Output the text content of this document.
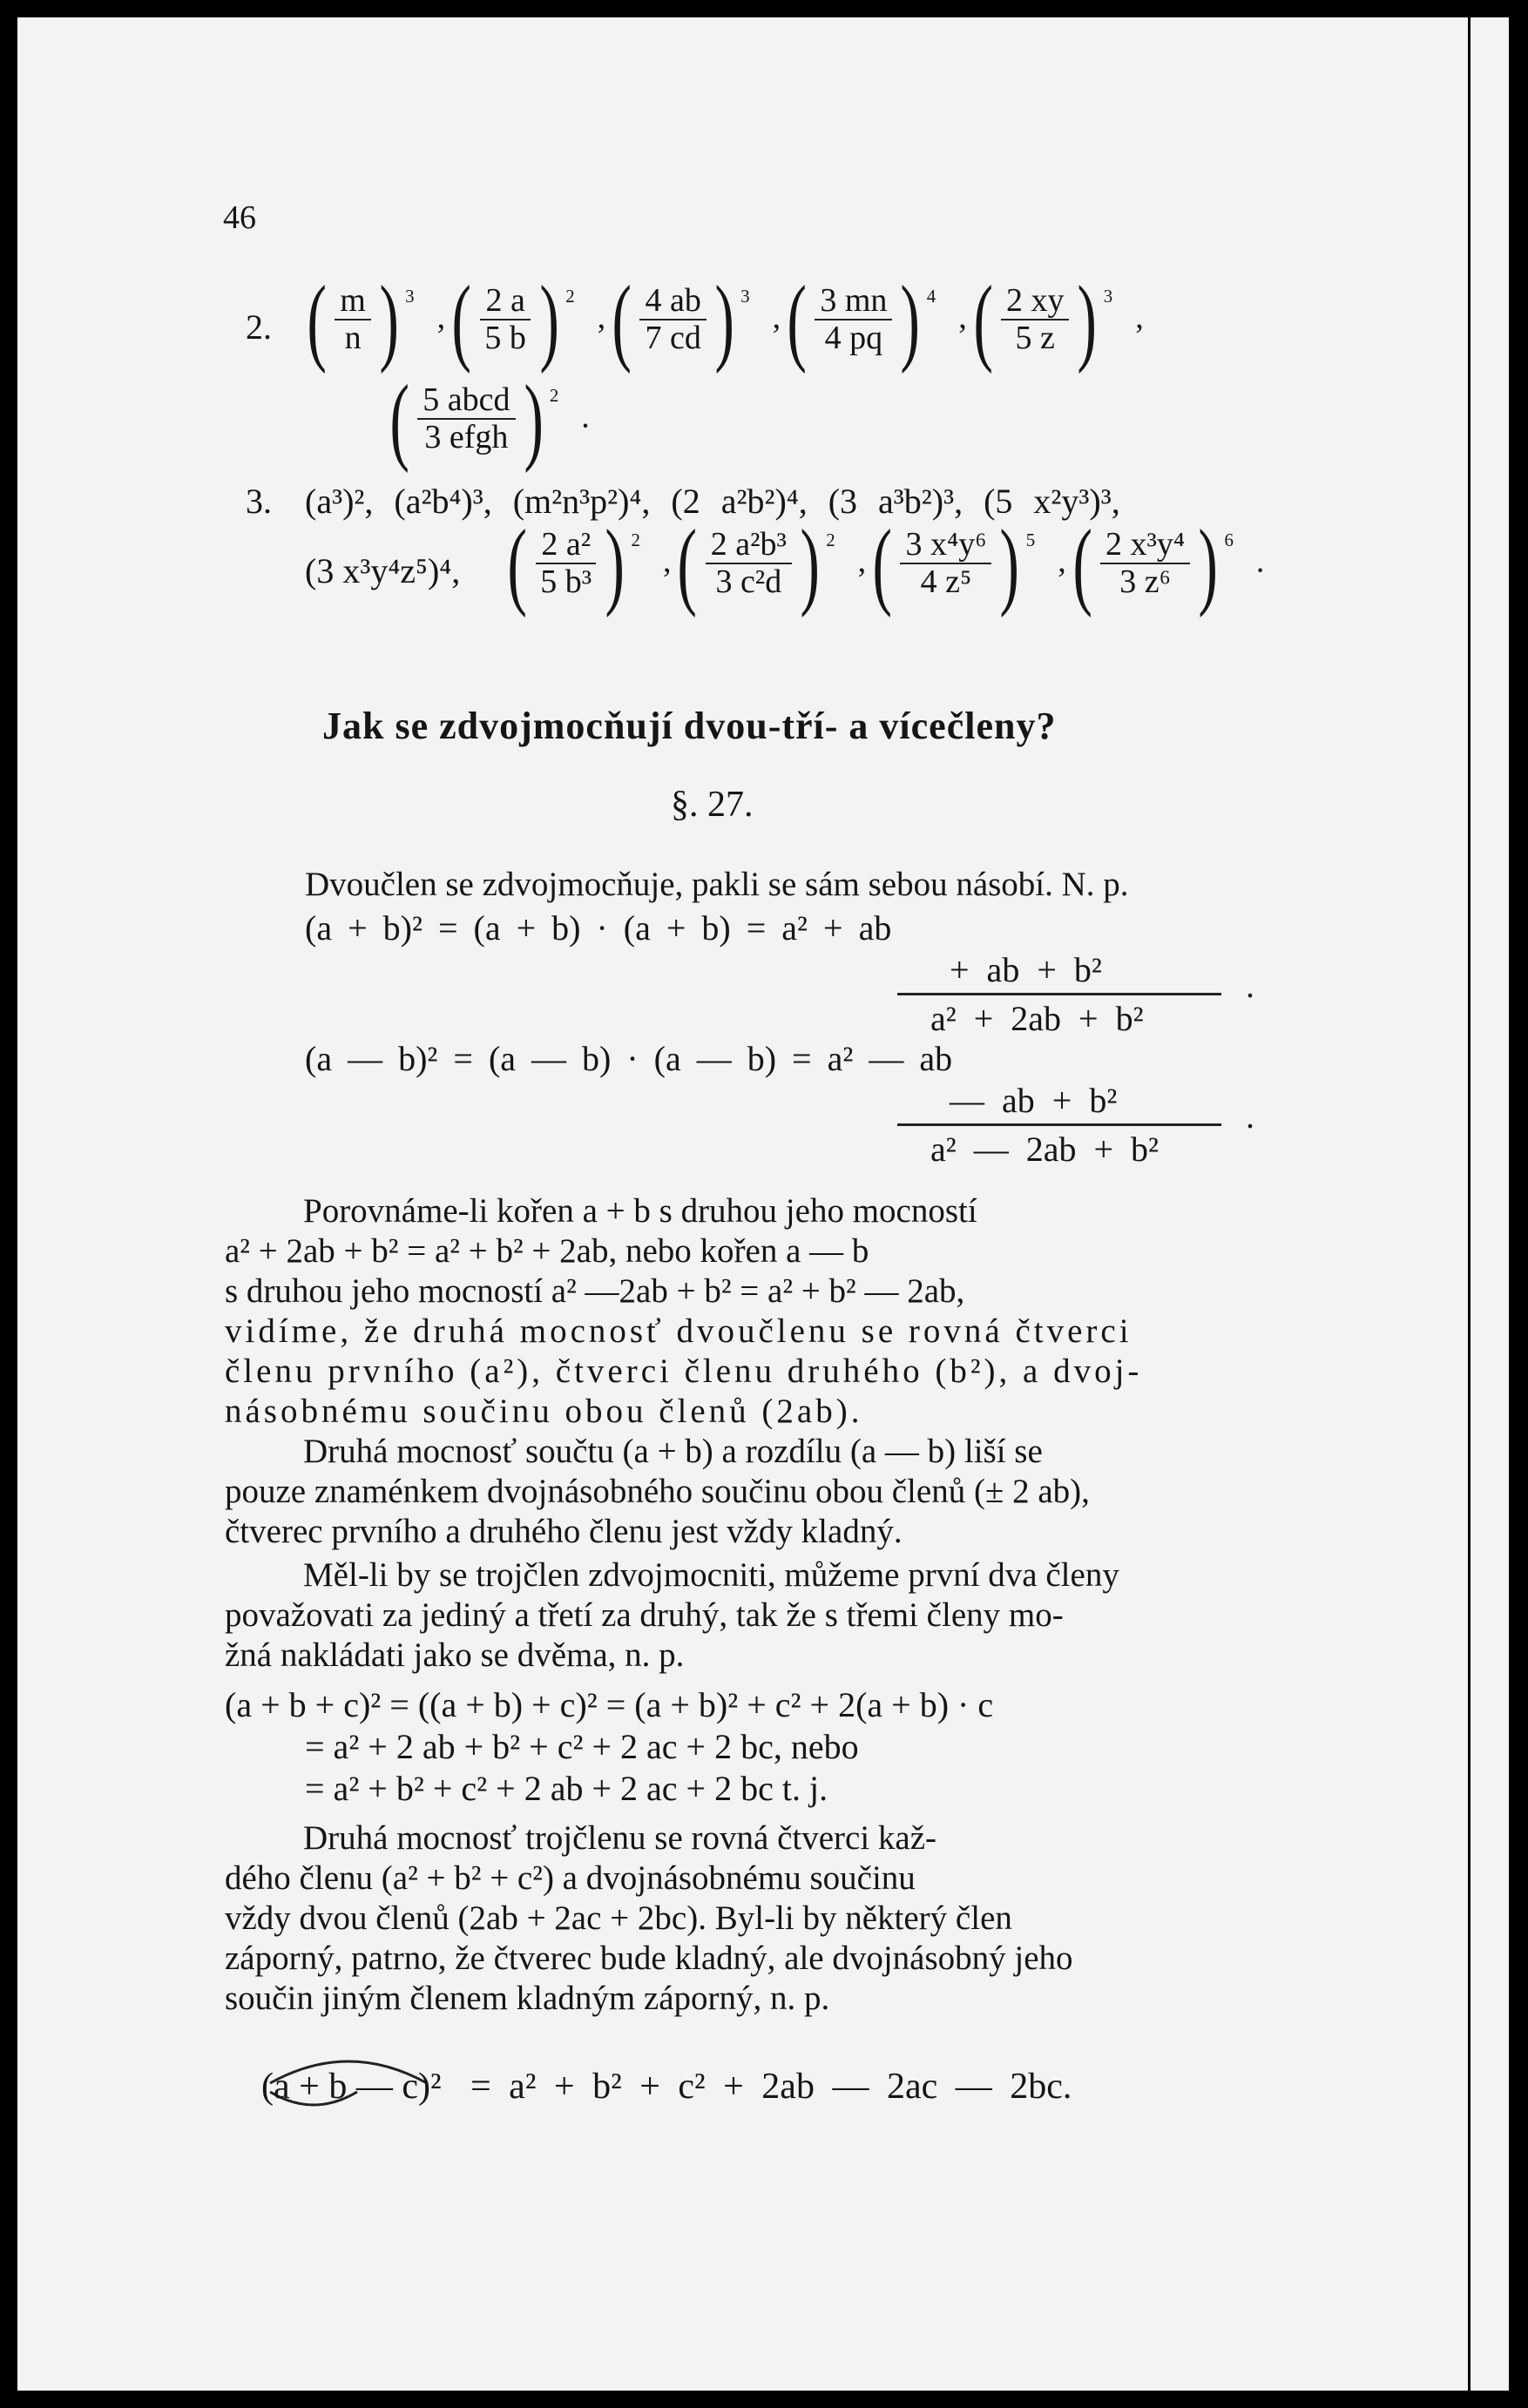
46
2. ( $\frac{m}{n}$ ) $^3,( \frac{2 a}{5 b}$ ) $^2,( \frac{4 ab}{7 cd}$ ) $^3,( \frac{3 mn}{4 pq}$ ) $^4,( \frac{2 xy}{5 z}$ ) $^3$,
( $\frac{\text{5 abcd}}{\text{3 efgh}}$ ) $^2$.
3. (a³)², (a²b⁴)³, (m²n³p²)⁴, (2 a²b²)⁴, (3 a³b²)³, (5 x²y³)³,
(3 x³y⁴z⁵)⁴, ( $\frac{\text{2 a²}}{\text{5 b³}}$ ) $^2,( \frac{\text{2 a²b³}}{\text{3 c²d}}$ ) $^2,( \frac{\text{3 x⁴y⁶}}{\text{4 z⁵}}$ ) $^5,( \frac{\text{2 x³y⁴}}{\text{3 z⁶}}$ ) $^6$.
Jak se zdvojmocňují dvou-tří- a vícečleny?
§. 27.
Dvoučlen se zdvojmocňuje, pakli se sám sebou násobí. N. p.
(a + b)² = (a + b) · (a + b) = a² + ab
+ ab + b²	.
a² + 2ab + b²
(a — b)² = (a — b) · (a — b) = a² — ab
— ab + b²	.
a² — 2ab + b²
Porovnáme-li kořen a + b s druhou jeho mocností
a² + 2ab + b² = a² + b² + 2ab, nebo kořen a — b
s druhou jeho mocností a² —2ab + b² = a² + b² — 2ab,
vidíme, že druhá mocnosť dvoučlenu se rovná čtverci
členu prvního (a²), čtverci členu druhého (b²), a dvoj-
násobnému součinu obou členů (2ab).
Druhá mocnosť součtu (a + b) a rozdílu (a — b) liší se
pouze znaménkem dvojnásobného součinu obou členů (± 2 ab),
čtverec prvního a druhého členu jest vždy kladný.
Měl-li by se trojčlen zdvojmocniti, můžeme první dva členy
považovati za jediný a třetí za druhý, tak že s třemi členy mo-
žná nakládati jako se dvěma, n. p.
(a + b + c)² = ((a + b) + c)² = (a + b)² + c² + 2(a + b) · c
= a² + 2 ab + b² + c² + 2 ac + 2 bc, nebo
= a² + b² + c² + 2 ab + 2 ac + 2 bc t. j.
Druhá mocnosť trojčlenu se rovná čtverci kaž-
dého členu (a² + b² + c²) a dvojnásobnému součinu
vždy dvou členů (2ab + 2ac + 2bc). Byl-li by některý člen
záporný, patrno, že čtverec bude kladný, ale dvojnásobný jeho
součin jiným členem kladným záporný, n. p.
(a + b — c)² = a² + b² + c² + 2ab — 2ac — 2bc.
